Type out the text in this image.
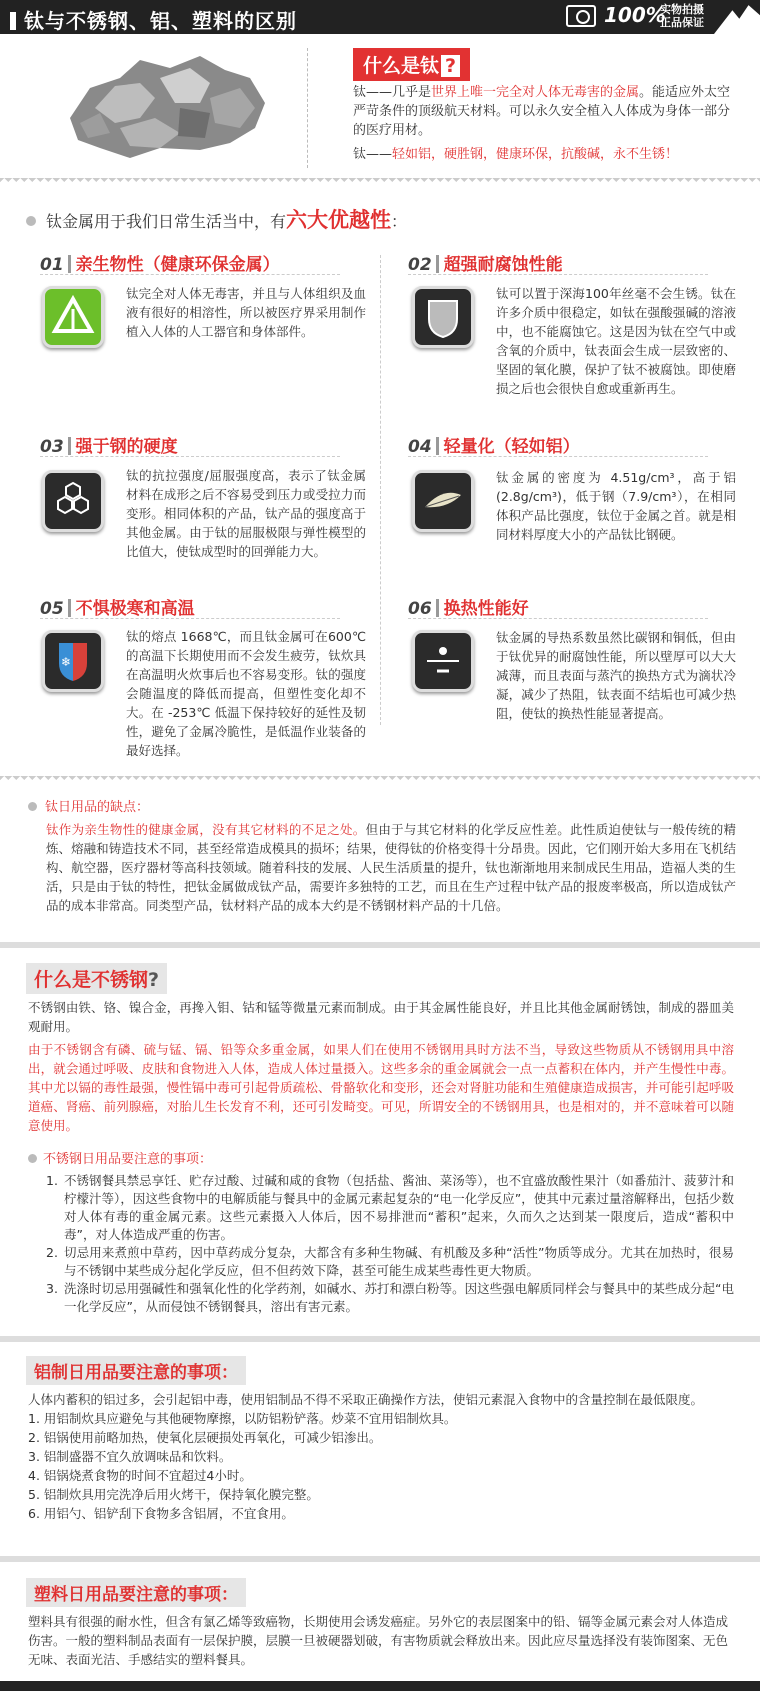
钛与不锈钢、铝、塑料的区别	100%
实物拍摄
正品保证
什么是钛 ?
钛——几乎是世界上唯一完全对人体无毒害的金属。能适应外太空严苛条件的顶级航天材料。可以永久安全植入人体成为身体一部分的医疗用材。
钛——轻如铝，硬胜钢，健康环保，抗酸碱，永不生锈！
钛金属用于我们日常生活当中，有六大优越性：
01 亲生物性（健康环保金属）
钛完全对人体无毒害，并且与人体组织及血液有很好的相溶性，所以被医疗界采用制作植入人体的人工器官和身体部件。
02 超强耐腐蚀性能
钛可以置于深海100年丝毫不会生锈。钛在许多介质中很稳定，如钛在强酸强碱的溶液中，也不能腐蚀它。这是因为钛在空气中或含氧的介质中，钛表面会生成一层致密的、坚固的氧化膜，保护了钛不被腐蚀。即使磨损之后也会很快自愈或重新再生。
03 强于钢的硬度
钛的抗拉强度/屈服强度高，表示了钛金属材料在成形之后不容易受到压力或受拉力而变形。相同体积的产品，钛产品的强度高于其他金属。由于钛的屈服极限与弹性模型的比值大，使钛成型时的回弹能力大。
04 轻量化（轻如铝）
钛金属的密度为 4.51g/cm³，高于铝(2.8g/cm³)，低于钢（7.9/cm³），在相同体积产品比强度，钛位于金属之首。就是相同材料厚度大小的产品钛比钢硬。
05 不惧极寒和高温
❄
钛的熔点 1668℃，而且钛金属可在600℃的高温下长期使用而不会发生疲劳，钛炊具在高温明火炊事后也不容易变形。钛的强度会随温度的降低而提高，但塑性变化却不大。在 -253℃ 低温下保持较好的延性及韧性，避免了金属冷脆性，是低温作业装备的最好选择。
06 换热性能好
钛金属的导热系数虽然比碳钢和铜低，但由于钛优异的耐腐蚀性能，所以壁厚可以大大减薄，而且表面与蒸汽的换热方式为滴状冷凝，减少了热阻，钛表面不结垢也可减少热阻，使钛的换热性能显著提高。
钛日用品的缺点：
钛作为亲生物性的健康金属，没有其它材料的不足之处。但由于与其它材料的化学反应性差。此性质迫使钛与一般传统的精炼、熔融和铸造技术不同，甚至经常造成模具的损坏；结果，使得钛的价格变得十分昂贵。因此，它们刚开始大多用在飞机结构、航空器，医疗器材等高科技领域。随着科技的发展、人民生活质量的提升，钛也渐渐地用来制成民生用品，造福人类的生活，只是由于钛的特性，把钛金属做成钛产品，需要许多独特的工艺，而且在生产过程中钛产品的报废率极高，所以造成钛产品的成本非常高。同类型产品，钛材料产品的成本大约是不锈钢材料产品的十几倍。
什么是不锈钢?
不锈钢由铁、铬、镍合金，再搀入钼、钴和锰等微量元素而制成。由于其金属性能良好，并且比其他金属耐锈蚀，制成的器皿美观耐用。
由于不锈钢含有磷、硫与锰、镉、铅等众多重金属，如果人们在使用不锈钢用具时方法不当，导致这些物质从不锈钢用具中溶出，就会通过呼吸、皮肤和食物进入人体，造成人体过量摄入。这些多余的重金属就会一点一点蓄积在体内，并产生慢性中毒。其中尤以镉的毒性最强，慢性镉中毒可引起骨质疏松、骨骼软化和变形，还会对肾脏功能和生殖健康造成损害，并可能引起呼吸道癌、肾癌、前列腺癌，对胎儿生长发育不利，还可引发畸变。可见，所谓安全的不锈钢用具，也是相对的，并不意味着可以随意使用。
不锈钢日用品要注意的事项：
1. 不锈钢餐具禁忌享饪、贮存过酸、过碱和咸的食物（包括盐、酱油、菜汤等），也不宜盛放酸性果汁（如番茄汁、菠萝汁和柠檬汁等），因这些食物中的电解质能与餐具中的金属元素起复杂的“电一化学反应”，使其中元素过量溶解释出，包括少数对人体有毒的重金属元素。这些元素摄入人体后，因不易排泄而“蓄积”起来，久而久之达到某一限度后，造成“蓄积中毒”，对人体造成严重的伤害。
2. 切忌用来煮煎中草药，因中草药成分复杂，大都含有多种生物碱、有机酸及多种“活性”物质等成分。尤其在加热时，很易与不锈钢中某些成分起化学反应，但不但药效下降，甚至可能生成某些毒性更大物质。
3. 洗涤时切忌用强碱性和强氧化性的化学药剂，如碱水、苏打和漂白粉等。因这些强电解质同样会与餐具中的某些成分起“电一化学反应”，从而侵蚀不锈钢餐具，溶出有害元素。
铝制日用品要注意的事项：
人体内蓄积的铝过多，会引起铝中毒，使用铝制品不得不采取正确操作方法，使铝元素混入食物中的含量控制在最低限度。
1. 用铝制炊具应避免与其他硬物摩擦，以防铝粉铲落。炒菜不宜用铝制炊具。
2. 铝锅使用前略加热，使氧化层硬损处再氧化，可减少铝渗出。
3. 铝制盛器不宜久放调味品和饮料。
4. 铝锅烧煮食物的时间不宜超过4小时。
5. 铝制炊具用完洗净后用火烤干，保持氧化膜完整。
6. 用铝勺、铝铲刮下食物多含铝屑，不宜食用。
塑料日用品要注意的事项：
塑料具有很强的耐水性，但含有氯乙烯等致癌物，长期使用会诱发癌症。另外它的表层图案中的铅、镉等金属元素会对人体造成伤害。一般的塑料制品表面有一层保护膜，层膜一旦被硬器划破，有害物质就会释放出来。因此应尽量选择没有装饰图案、无色无味、表面光洁、手感结实的塑料餐具。
